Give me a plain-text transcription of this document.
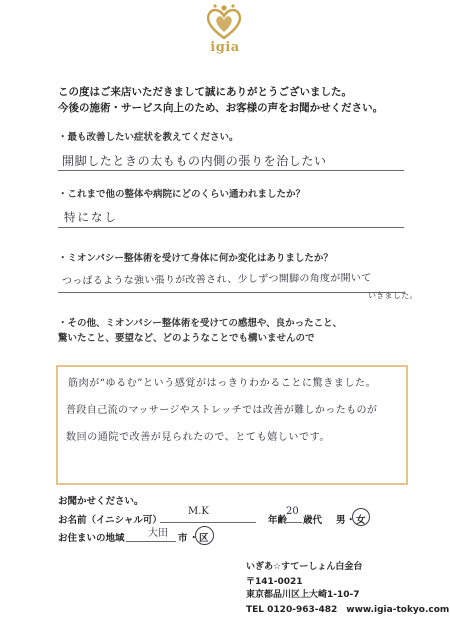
igia
この度はご来店いただきまして誠にありがとうございました。
今後の施術・サービス向上のため、お客様の声をお聞かせください。
・最も改善したい症状を教えてください。
開脚したときの太ももの内側の張りを治したい
・これまで他の整体や病院にどのくらい通われましたか？
特になし
・ミオンパシー整体術を受けて身体に何か変化はありましたか？
つっぱるような強い張りが改善され、少しずつ開脚の角度が開いて
いきました。
・その他、ミオンパシー整体術を受けての感想や、良かったこと、
驚いたこと、要望など、どのようなことでも構いませんので
筋肉が“ゆるむ”という感覚がはっきりわかることに驚きました。
普段自己流のマッサージやストレッチでは改善が難しかったものが
数回の通院で改善が見られたので、とても嬉しいです。
お聞かせください。
お名前（イニシャル可）
M.K
年齢
20
歳代 男 ・ 女
お住まいの地域 大田 市 ・ 区
いぎあ☆すてーしょん白金台
〒141-0021
東京都品川区上大崎1-10-7
TEL 0120-963-482　www.igia-tokyo.com
